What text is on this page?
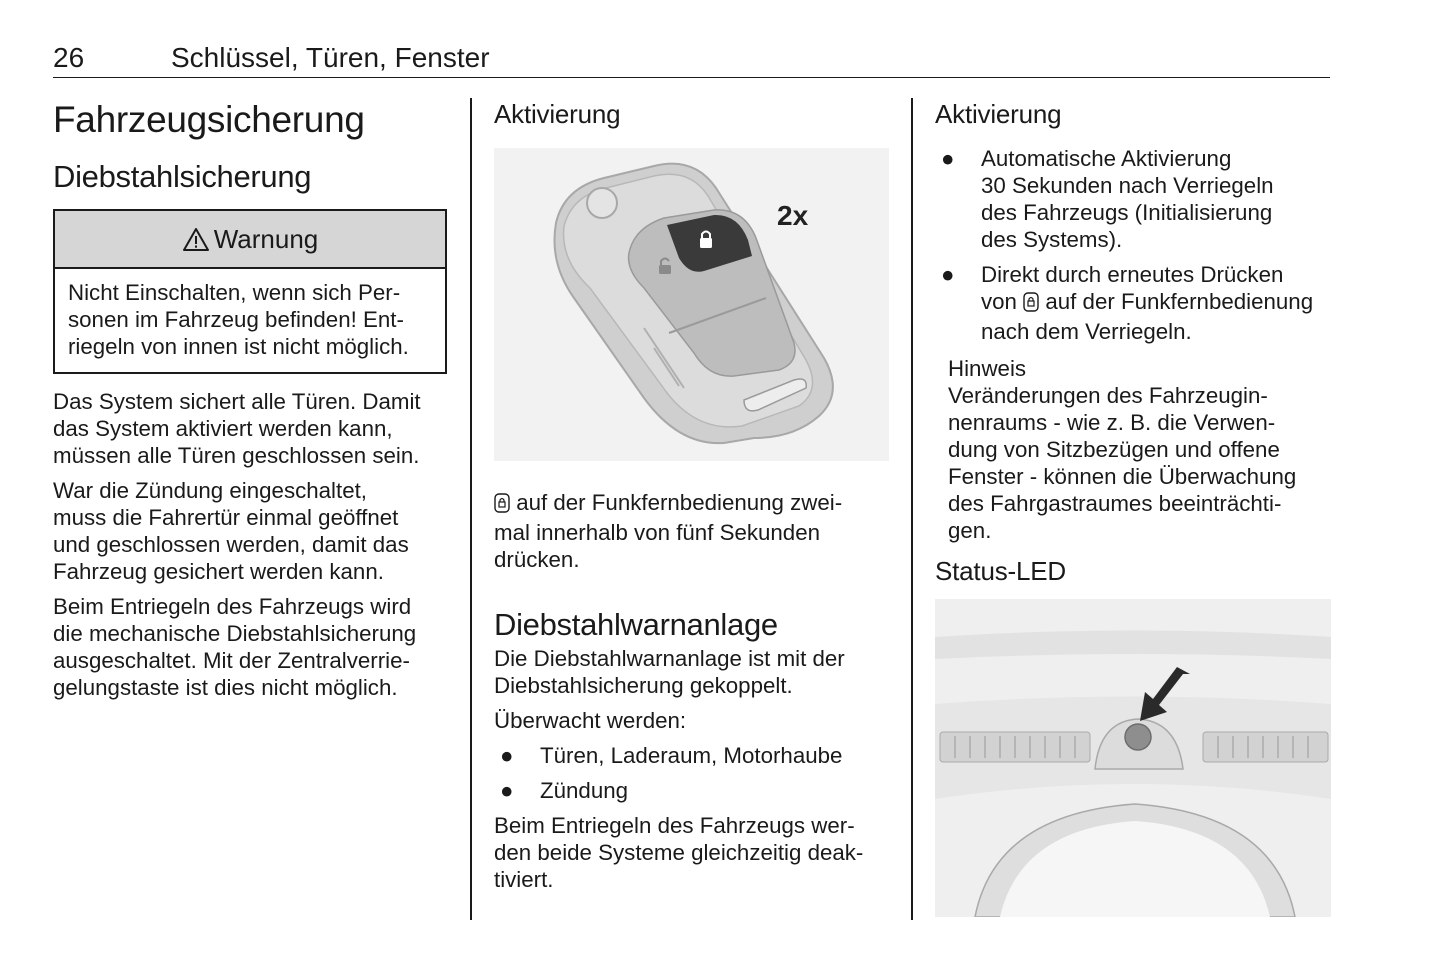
26	Schlüssel, Türen, Fenster
Fahrzeugsicherung
Diebstahlsicherung
Warnung
Nicht Einschalten, wenn sich Per-
sonen im Fahrzeug befinden! Ent-
riegeln von innen ist nicht möglich.

Das System sichert alle Türen. Damit
das System aktiviert werden kann,
müssen alle Türen geschlossen sein.

War die Zündung eingeschaltet,
muss die Fahrertür einmal geöffnet
und geschlossen werden, damit das
Fahrzeug gesichert werden kann.

Beim Entriegeln des Fahrzeugs wird
die mechanische Diebstahlsicherung
ausgeschaltet. Mit der Zentralverrie-
gelungstaste ist dies nicht möglich.

Aktivierung
2x

auf der Funkfernbedienung zwei-
mal innerhalb von fünf Sekunden
drücken.

Diebstahlwarnanlage

Die Diebstahlwarnanlage ist mit der
Diebstahlsicherung gekoppelt.

Überwacht werden:

● Türen, Laderaum, Motorhaube
● Zündung

Beim Entriegeln des Fahrzeugs wer-
den beide Systeme gleichzeitig deak-
tiviert.

Aktivierung
● Automatische Aktivierung
30 Sekunden nach Verriegeln
des Fahrzeugs (Initialisierung
des Systems).
● Direkt durch erneutes Drücken
von  auf der Funkfernbedienung
nach dem Verriegeln.
Hinweis

Veränderungen des Fahrzeugin-
nenraums - wie z. B. die Verwen-
dung von Sitzbezügen und offene
Fenster - können die Überwachung
des Fahrgastraumes beeinträchti-
gen.

Status-LED
